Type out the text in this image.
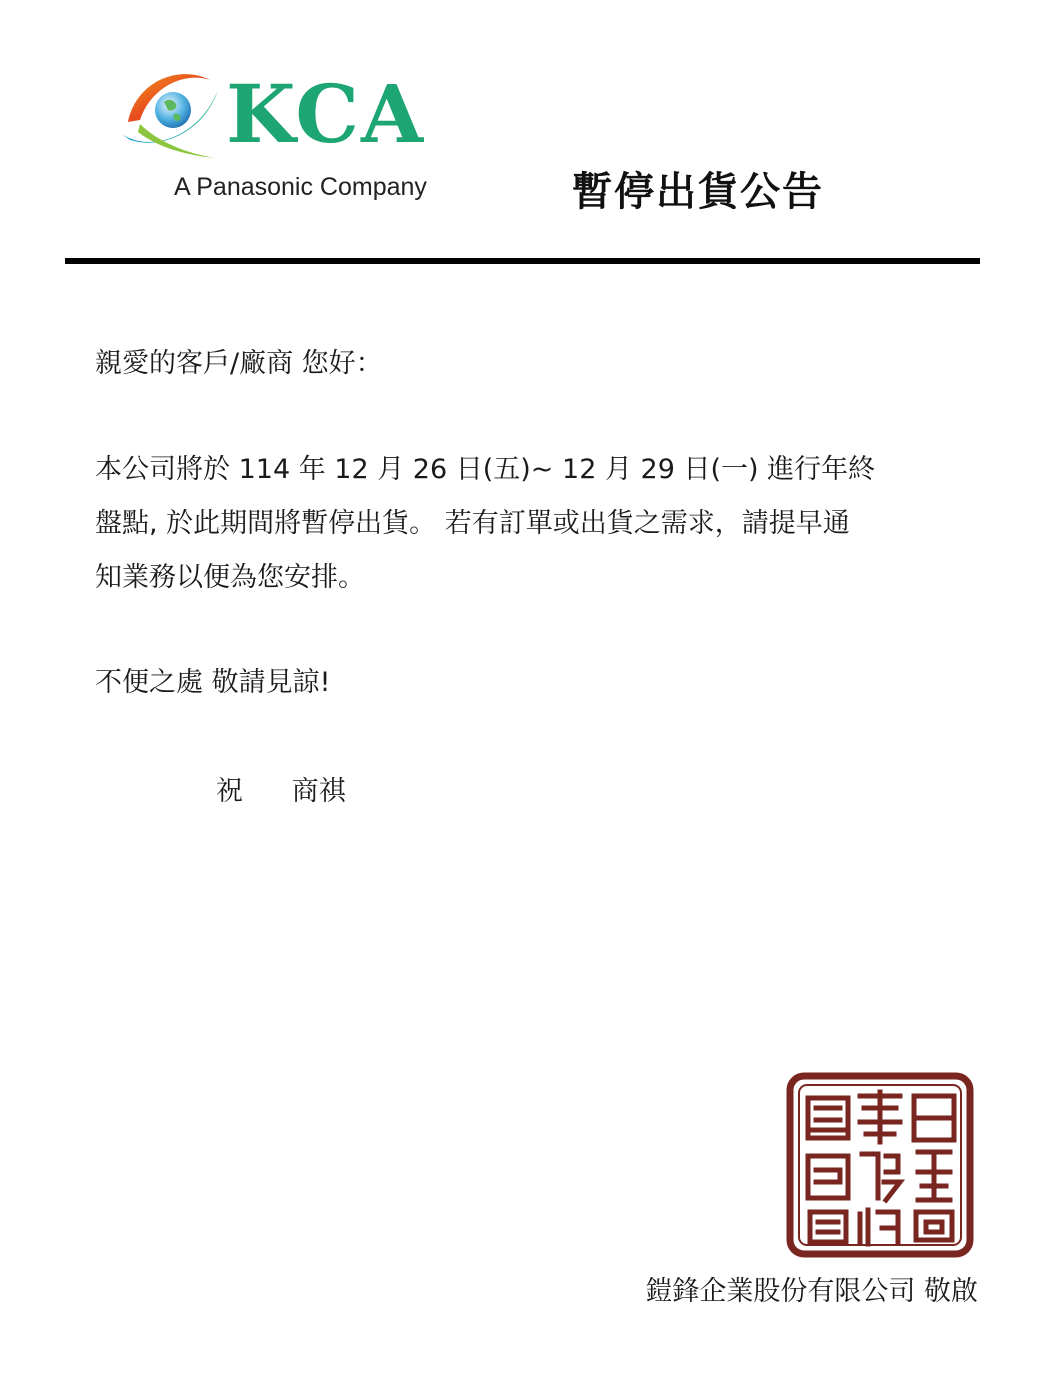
KCA
A Panasonic Company	暫停出貨公告
親愛的客戶/廠商 您好：
本公司將於 114 年 12 月 26 日(五)~ 12 月 29 日(一) 進行年終
盤點, 於此期間將暫停出貨。 若有訂單或出貨之需求，請提早通
知業務以便為您安排。
不便之處 敬請見諒!
祝 商祺
鎧鋒企業股份有限公司 敬啟
